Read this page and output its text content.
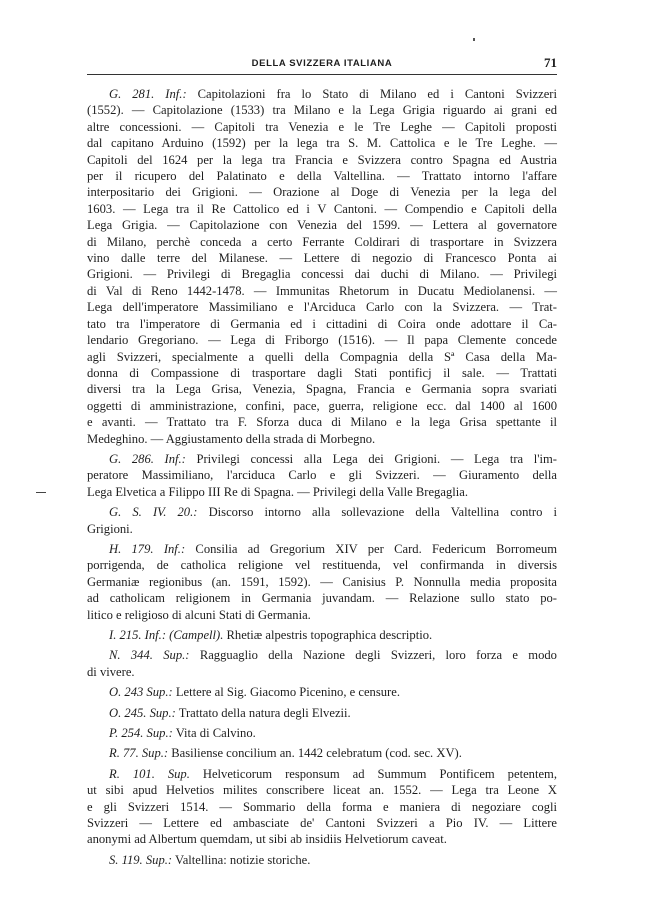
DELLA SVIZZERA ITALIANA	71
G. 281. Inf.: Capitolazioni fra lo Stato di Milano ed i Cantoni Svizzeri
(1552). — Capitolazione (1533) tra Milano e la Lega Grigia riguardo ai grani ed
altre concessioni. — Capitoli tra Venezia e le Tre Leghe — Capitoli proposti
dal capitano Arduino (1592) per la lega tra S. M. Cattolica e le Tre Leghe. —
Capitoli del 1624 per la lega tra Francia e Svizzera contro Spagna ed Austria
per il ricupero del Palatinato e della Valtellina. — Trattato intorno l'affare
interpositario dei Grigioni. — Orazione al Doge di Venezia per la lega del
1603. — Lega tra il Re Cattolico ed i V Cantoni. — Compendio e Capitoli della
Lega Grigia. — Capitolazione con Venezia del 1599. — Lettera al governatore
di Milano, perchè conceda a certo Ferrante Coldirari di trasportare in Svizzera
vino dalle terre del Milanese. — Lettere di negozio di Francesco Ponta ai
Grigioni. — Privilegi di Bregaglia concessi dai duchi di Milano. — Privilegi
di Val di Reno 1442-1478. — Immunitas Rhetorum in Ducatu Mediolanensi. —
Lega dell'imperatore Massimiliano e l'Arciduca Carlo con la Svizzera. — Trat-
tato tra l'imperatore di Germania ed i cittadini di Coira onde adottare il Ca-
lendario Gregoriano. — Lega di Friborgo (1516). — Il papa Clemente concede
agli Svizzeri, specialmente a quelli della Compagnia della Sª Casa della Ma-
donna di Compassione di trasportare dagli Stati pontificj il sale. — Trattati
diversi tra la Lega Grisa, Venezia, Spagna, Francia e Germania sopra svariati
oggetti di amministrazione, confini, pace, guerra, religione ecc. dal 1400 al 1600
e avanti. — Trattato tra F. Sforza duca di Milano e la lega Grisa spettante il
Medeghino. — Aggiustamento della strada di Morbegno.
G. 286. Inf.: Privilegi concessi alla Lega dei Grigioni. — Lega tra l'im-
peratore Massimiliano, l'arciduca Carlo e gli Svizzeri. — Giuramento della
Lega Elvetica a Filippo III Re di Spagna. — Privilegi della Valle Bregaglia.
G. S. IV. 20.: Discorso intorno alla sollevazione della Valtellina contro i
Grigioni.
H. 179. Inf.: Consilia ad Gregorium XIV per Card. Federicum Borromeum
porrigenda, de catholica religione vel restituenda, vel confirmanda in diversis
Germaniæ regionibus (an. 1591, 1592). — Canisius P. Nonnulla media proposita
ad catholicam religionem in Germania juvandam. — Relazione sullo stato po-
litico e religioso di alcuni Stati di Germania.
I. 215. Inf.: (Campell). Rhetiæ alpestris topographica descriptio.
N. 344. Sup.: Ragguaglio della Nazione degli Svizzeri, loro forza e modo
di vivere.
O. 243 Sup.: Lettere al Sig. Giacomo Picenino, e censure.
O. 245. Sup.: Trattato della natura degli Elvezii.
P. 254. Sup.: Vita di Calvino.
R. 77. Sup.: Basiliense concilium an. 1442 celebratum (cod. sec. XV).
R. 101. Sup. Helveticorum responsum ad Summum Pontificem petentem,
ut sibi apud Helvetios milites conscribere liceat an. 1552. — Lega tra Leone X
e gli Svizzeri 1514. — Sommario della forma e maniera di negoziare cogli
Svizzeri — Lettere ed ambasciate de' Cantoni Svizzeri a Pio IV. — Littere
anonymi ad Albertum quemdam, ut sibi ab insidiis Helvetiorum caveat.
S. 119. Sup.: Valtellina: notizie storiche.
